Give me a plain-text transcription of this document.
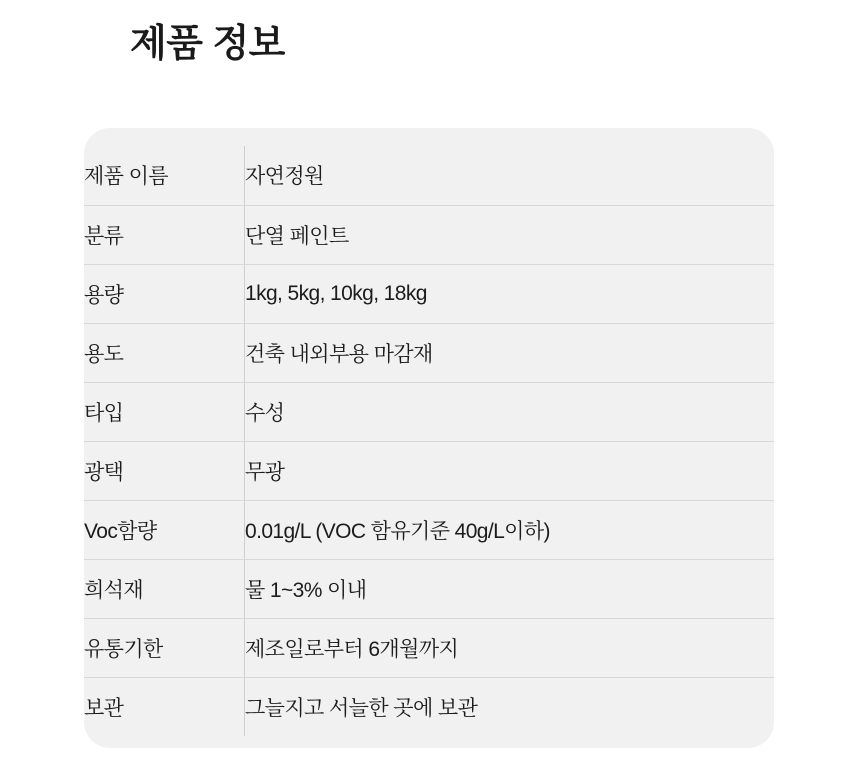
제품 정보
제품 이름	자연정원
분류	단열 페인트
용량	1kg, 5kg, 10kg, 18kg
용도	건축 내외부용 마감재
타입	수성
광택	무광
Voc함량	0.01g/L (VOC 함유기준 40g/L이하)
희석재	물 1~3% 이내
유통기한	제조일로부터 6개월까지
보관	그늘지고 서늘한 곳에 보관
